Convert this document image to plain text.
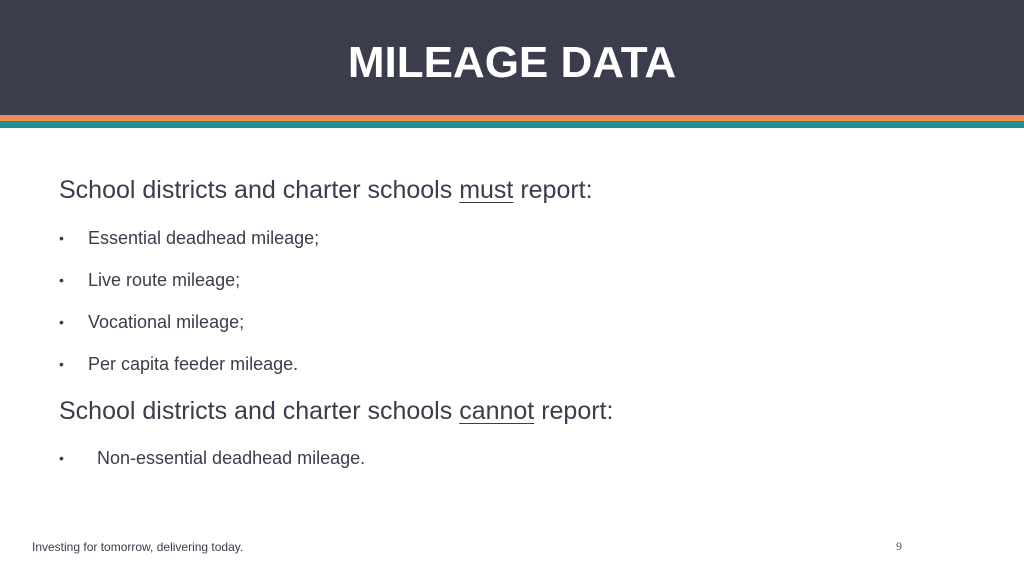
MILEAGE DATA
School districts and charter schools must report:
• Essential deadhead mileage;
• Live route mileage;
• Vocational mileage;
• Per capita feeder mileage.
School districts and charter schools cannot report:
• Non-essential deadhead mileage.
Investing for tomorrow, delivering today.	9
